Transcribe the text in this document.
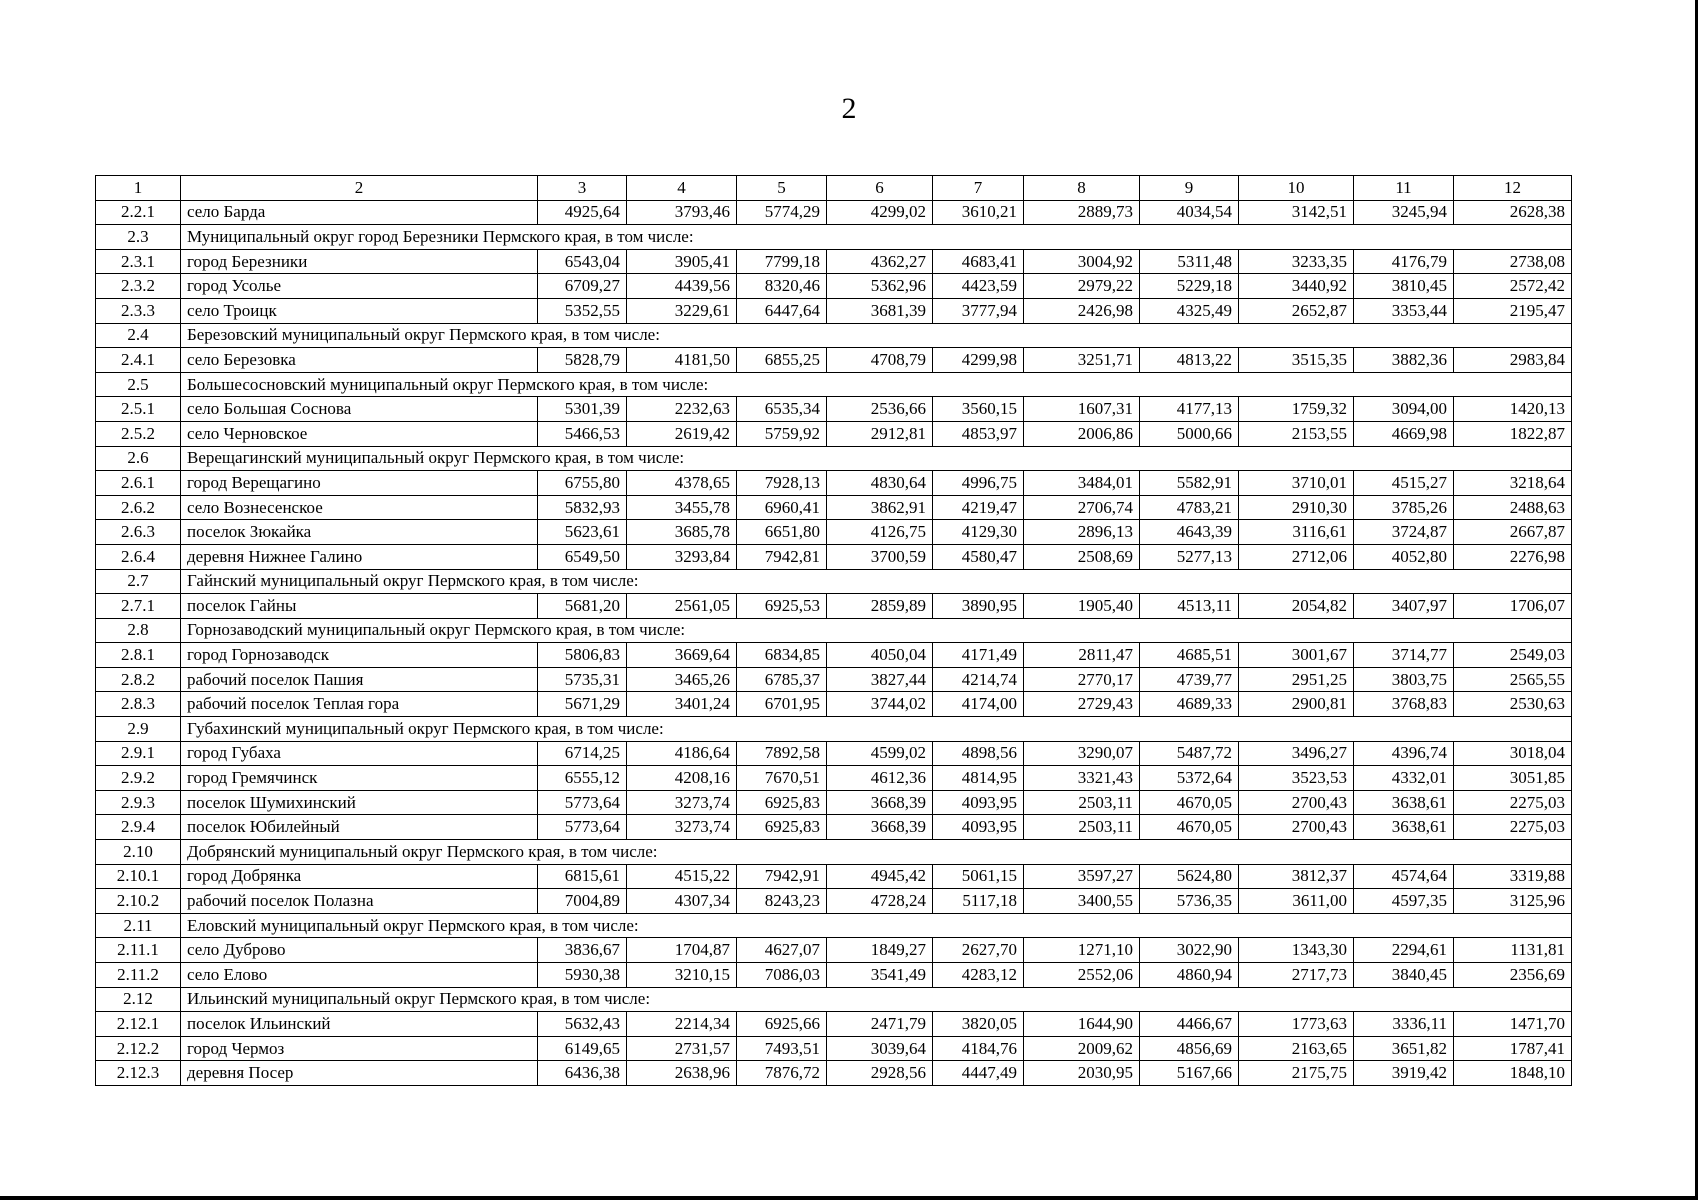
2
1	2	3	4	5	6	7	8	9	10	11	12
2.2.1	село Барда	4925,64	3793,46	5774,29	4299,02	3610,21	2889,73	4034,54	3142,51	3245,94	2628,38
2.3	Муниципальный округ город Березники Пермского края, в том числе:										
2.3.1	город Березники	6543,04	3905,41	7799,18	4362,27	4683,41	3004,92	5311,48	3233,35	4176,79	2738,08
2.3.2	город Усолье	6709,27	4439,56	8320,46	5362,96	4423,59	2979,22	5229,18	3440,92	3810,45	2572,42
2.3.3	село Троицк	5352,55	3229,61	6447,64	3681,39	3777,94	2426,98	4325,49	2652,87	3353,44	2195,47
2.4	Березовский муниципальный округ Пермского края, в том числе:										
2.4.1	село Березовка	5828,79	4181,50	6855,25	4708,79	4299,98	3251,71	4813,22	3515,35	3882,36	2983,84
2.5	Большесосновский муниципальный округ Пермского края, в том числе:										
2.5.1	село Большая Соснова	5301,39	2232,63	6535,34	2536,66	3560,15	1607,31	4177,13	1759,32	3094,00	1420,13
2.5.2	село Черновское	5466,53	2619,42	5759,92	2912,81	4853,97	2006,86	5000,66	2153,55	4669,98	1822,87
2.6	Верещагинский муниципальный округ Пермского края, в том числе:										
2.6.1	город Верещагино	6755,80	4378,65	7928,13	4830,64	4996,75	3484,01	5582,91	3710,01	4515,27	3218,64
2.6.2	село Вознесенское	5832,93	3455,78	6960,41	3862,91	4219,47	2706,74	4783,21	2910,30	3785,26	2488,63
2.6.3	поселок Зюкайка	5623,61	3685,78	6651,80	4126,75	4129,30	2896,13	4643,39	3116,61	3724,87	2667,87
2.6.4	деревня Нижнее Галино	6549,50	3293,84	7942,81	3700,59	4580,47	2508,69	5277,13	2712,06	4052,80	2276,98
2.7	Гайнский муниципальный округ Пермского края, в том числе:										
2.7.1	поселок Гайны	5681,20	2561,05	6925,53	2859,89	3890,95	1905,40	4513,11	2054,82	3407,97	1706,07
2.8	Горнозаводский муниципальный округ Пермского края, в том числе:										
2.8.1	город Горнозаводск	5806,83	3669,64	6834,85	4050,04	4171,49	2811,47	4685,51	3001,67	3714,77	2549,03
2.8.2	рабочий поселок Пашия	5735,31	3465,26	6785,37	3827,44	4214,74	2770,17	4739,77	2951,25	3803,75	2565,55
2.8.3	рабочий поселок Теплая гора	5671,29	3401,24	6701,95	3744,02	4174,00	2729,43	4689,33	2900,81	3768,83	2530,63
2.9	Губахинский муниципальный округ Пермского края, в том числе:										
2.9.1	город Губаха	6714,25	4186,64	7892,58	4599,02	4898,56	3290,07	5487,72	3496,27	4396,74	3018,04
2.9.2	город Гремячинск	6555,12	4208,16	7670,51	4612,36	4814,95	3321,43	5372,64	3523,53	4332,01	3051,85
2.9.3	поселок Шумихинский	5773,64	3273,74	6925,83	3668,39	4093,95	2503,11	4670,05	2700,43	3638,61	2275,03
2.9.4	поселок Юбилейный	5773,64	3273,74	6925,83	3668,39	4093,95	2503,11	4670,05	2700,43	3638,61	2275,03
2.10	Добрянский муниципальный округ Пермского края, в том числе:										
2.10.1	город Добрянка	6815,61	4515,22	7942,91	4945,42	5061,15	3597,27	5624,80	3812,37	4574,64	3319,88
2.10.2	рабочий поселок Полазна	7004,89	4307,34	8243,23	4728,24	5117,18	3400,55	5736,35	3611,00	4597,35	3125,96
2.11	Еловский муниципальный округ Пермского края, в том числе:										
2.11.1	село Дуброво	3836,67	1704,87	4627,07	1849,27	2627,70	1271,10	3022,90	1343,30	2294,61	1131,81
2.11.2	село Елово	5930,38	3210,15	7086,03	3541,49	4283,12	2552,06	4860,94	2717,73	3840,45	2356,69
2.12	Ильинский муниципальный округ Пермского края, в том числе:										
2.12.1	поселок Ильинский	5632,43	2214,34	6925,66	2471,79	3820,05	1644,90	4466,67	1773,63	3336,11	1471,70
2.12.2	город Чермоз	6149,65	2731,57	7493,51	3039,64	4184,76	2009,62	4856,69	2163,65	3651,82	1787,41
2.12.3	деревня Посер	6436,38	2638,96	7876,72	2928,56	4447,49	2030,95	5167,66	2175,75	3919,42	1848,10
